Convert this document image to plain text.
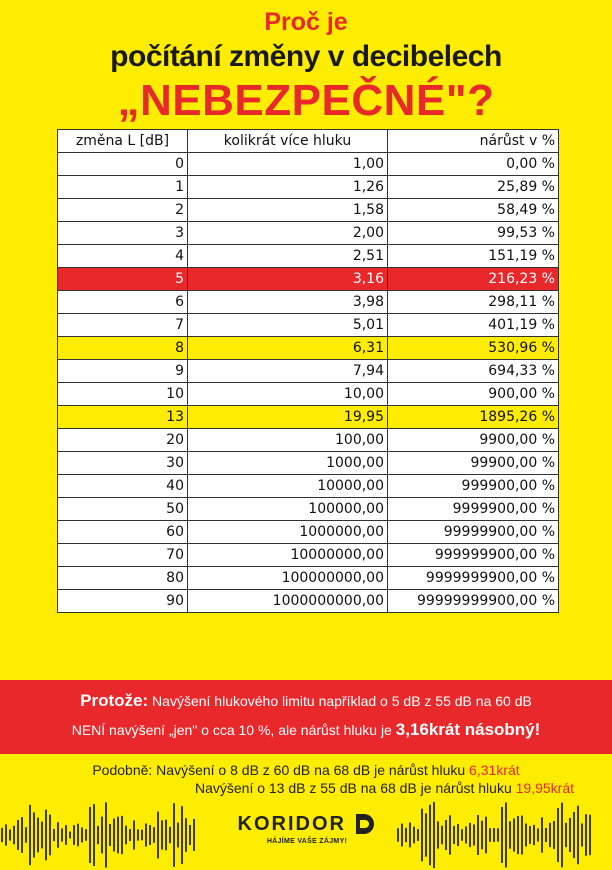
Proč je
počítání změny v decibelech
„NEBEZPEČNÉ"?
změna L [dB]	kolikrát více hluku	nárůst v %
0	1,00	0,00 %
1	1,26	25,89 %
2	1,58	58,49 %
3	2,00	99,53 %
4	2,51	151,19 %
5	3,16	216,23 %
6	3,98	298,11 %
7	5,01	401,19 %
8	6,31	530,96 %
9	7,94	694,33 %
10	10,00	900,00 %
13	19,95	1895,26 %
20	100,00	9900,00 %
30	1000,00	99900,00 %
40	10000,00	999900,00 %
50	100000,00	9999900,00 %
60	1000000,00	99999900,00 %
70	10000000,00	999999900,00 %
80	100000000,00	9999999900,00 %
90	1000000000,00	99999999900,00 %

Protože: Navýšení hlukového limitu například o 5 dB z 55 dB na 60 dB

NENÍ navýšení „jen" o cca 10 %, ale nárůst hluku je 3,16krát násobný!

Podobně: Navýšení o 8 dB z 60 dB na 68 dB je nárůst hluku 6,31krát

Navýšení o 13 dB z 55 dB na 68 dB je nárůst hluku 19,95krát

KORIDOR
HÁJÍME VAŠE ZÁJMY!
